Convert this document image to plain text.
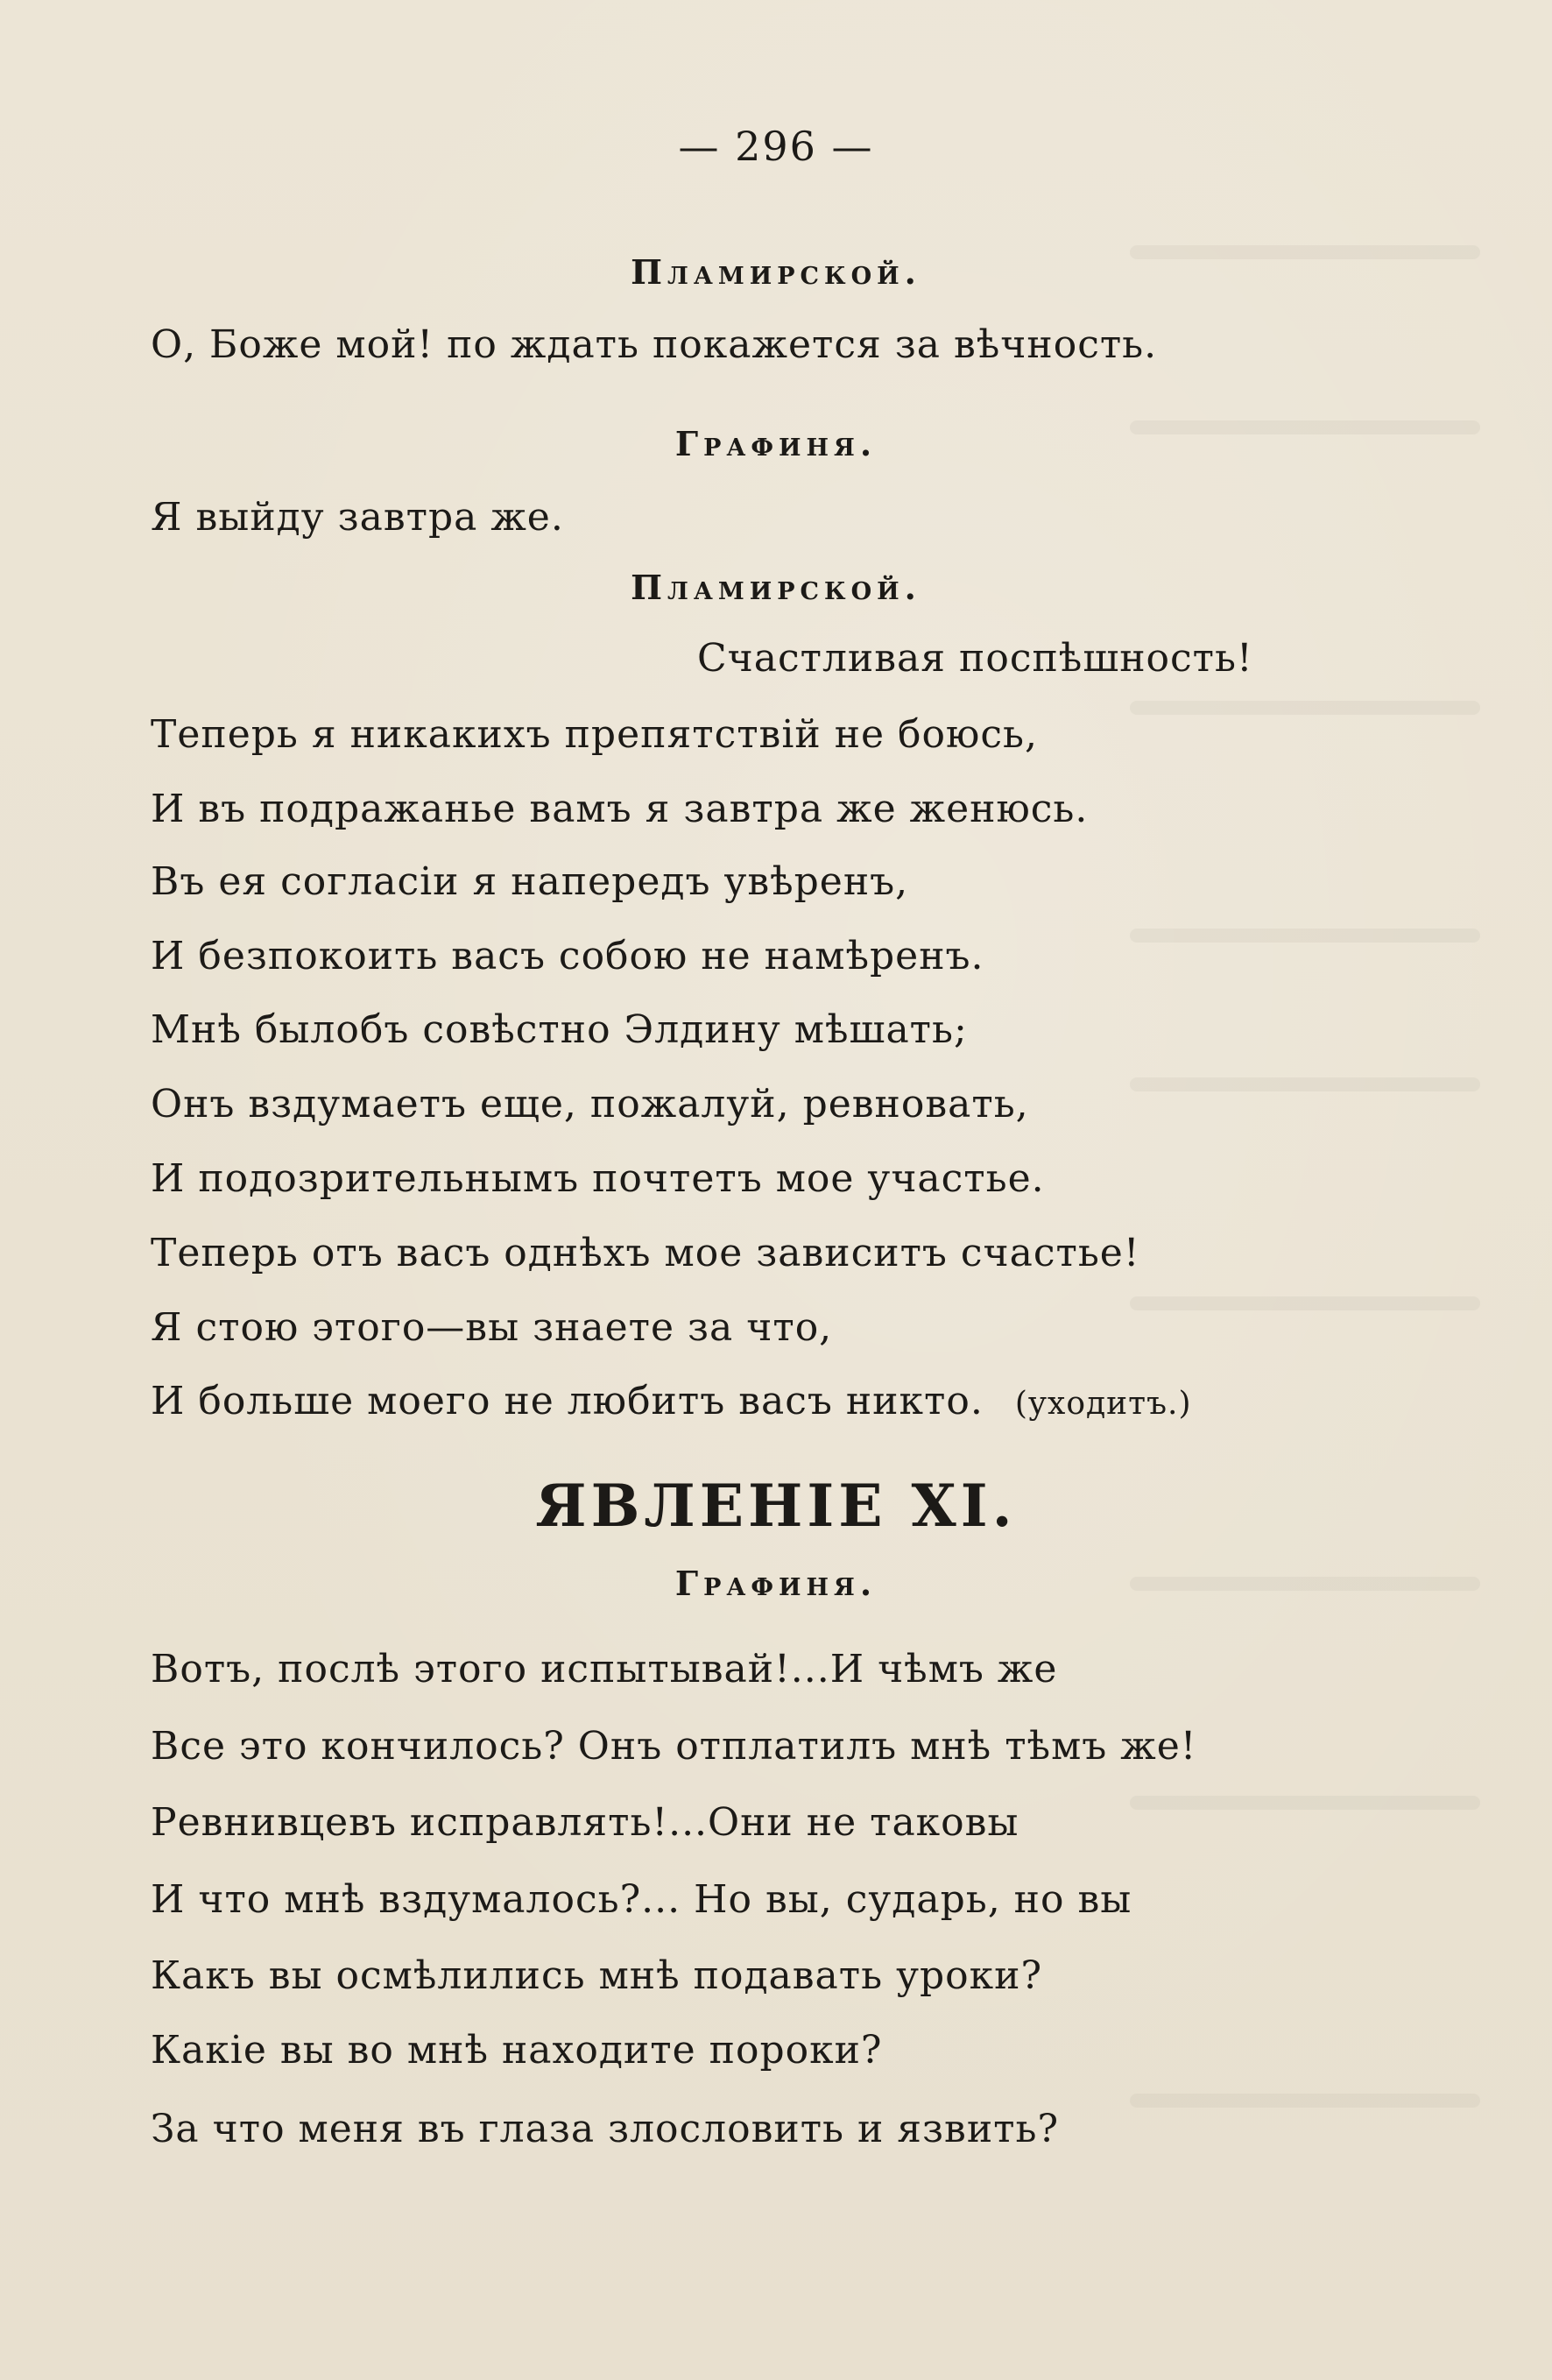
— 296 —
Пламирской.
О, Боже мой! по ждать покажется за вѣчность.
Графиня.
Я выйду завтра же.
Пламирской.
Счастливая поспѣшность!
Теперь я никакихъ препятствій не боюсь,
И въ подражанье вамъ я завтра же женюсь.
Въ ея согласіи я напередъ увѣренъ,
И безпокоить васъ собою не намѣренъ.
Мнѣ былобъ совѣстно Элдину мѣшать;
Онъ вздумаетъ еще, пожалуй, ревновать,
И подозрительнымъ почтетъ мое участье.
Теперь отъ васъ однѣхъ мое зависитъ счастье!
Я стою этого—вы знаете за что,
И больше моего не любитъ васъ никто. (уходитъ.)
ЯВЛЕНІЕ XI.
Графиня.
Вотъ, послѣ этого испытывай!...И чѣмъ же
Все это кончилось? Онъ отплатилъ мнѣ тѣмъ же!
Ревнивцевъ исправлять!...Они не таковы
И что мнѣ вздумалось?... Но вы, сударь, но вы
Какъ вы осмѣлились мнѣ подавать уроки?
Какіе вы во мнѣ находите пороки?
За что меня въ глаза злословить и язвить?
